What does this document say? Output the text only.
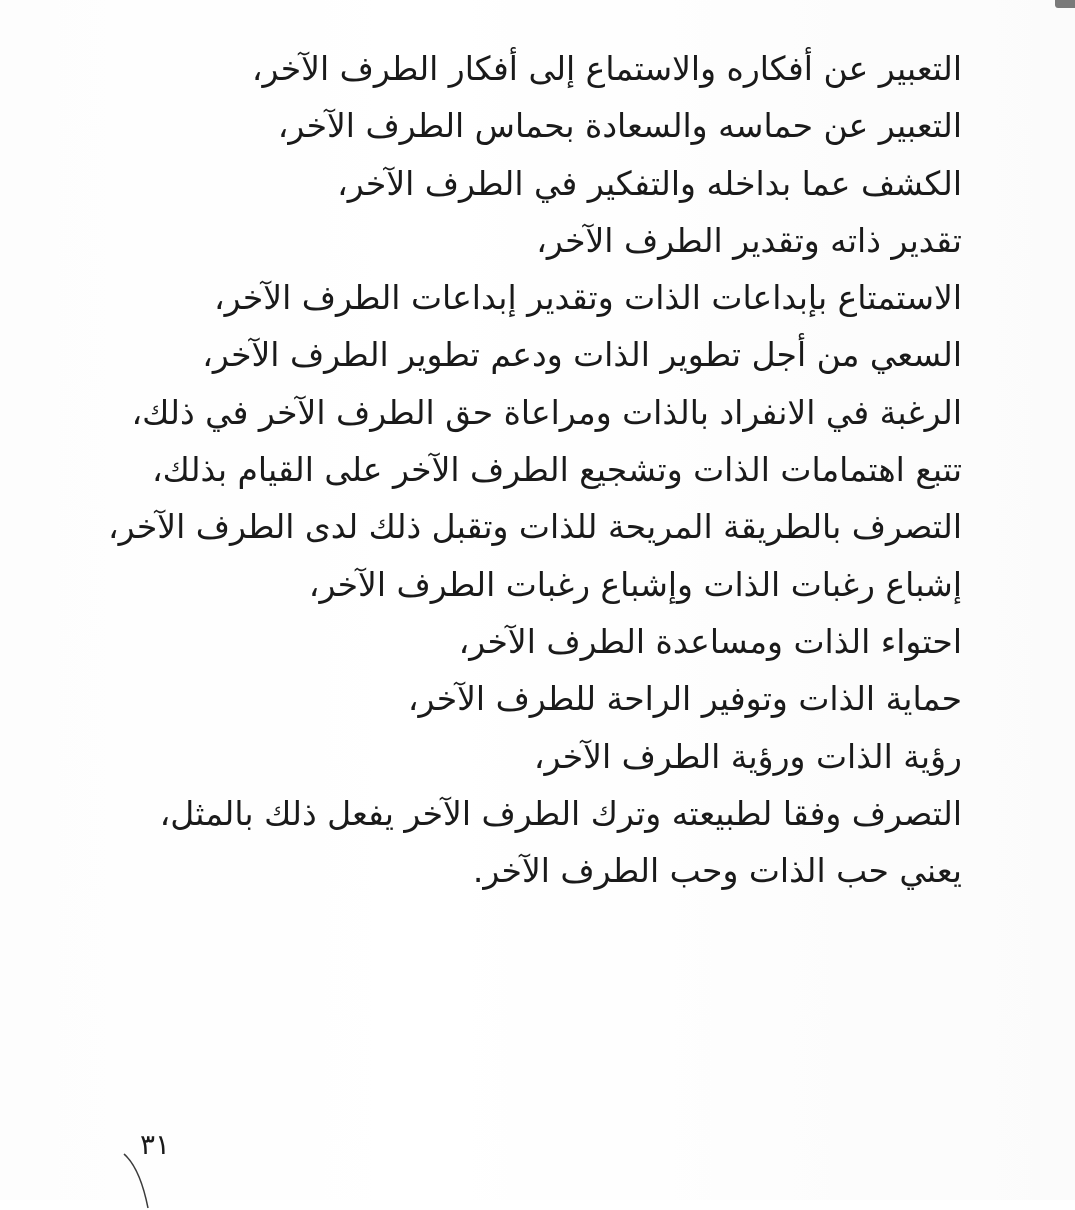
التعبير عن أفكاره والاستماع إلى أفكار الطرف الآخر،
التعبير عن حماسه والسعادة بحماس الطرف الآخر،
الكشف عما بداخله والتفكير في الطرف الآخر،
تقدير ذاته وتقدير الطرف الآخر،
الاستمتاع بإبداعات الذات وتقدير إبداعات الطرف الآخر،
السعي من أجل تطوير الذات ودعم تطوير الطرف الآخر،
الرغبة في الانفراد بالذات ومراعاة حق الطرف الآخر في ذلك،
تتبع اهتمامات الذات وتشجيع الطرف الآخر على القيام بذلك،
التصرف بالطريقة المريحة للذات وتقبل ذلك لدى الطرف الآخر،
إشباع رغبات الذات وإشباع رغبات الطرف الآخر،
احتواء الذات ومساعدة الطرف الآخر،
حماية الذات وتوفير الراحة للطرف الآخر،
رؤية الذات ورؤية الطرف الآخر،
التصرف وفقا لطبيعته وترك الطرف الآخر يفعل ذلك بالمثل،
يعني حب الذات وحب الطرف الآخر.
٣١
